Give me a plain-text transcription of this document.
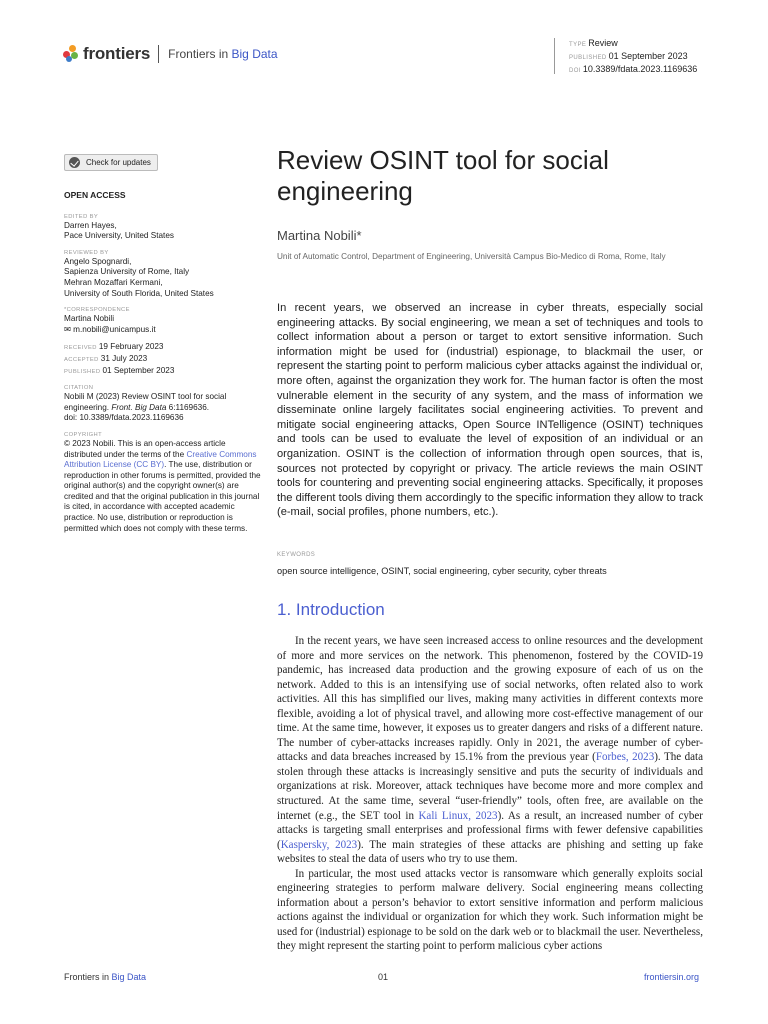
frontiers Frontiers in Big Data
TYPE Review
PUBLISHED 01 September 2023
DOI 10.3389/fdata.2023.1169636
Check for updates
OPEN ACCESS
EDITED BY
Darren Hayes,
Pace University, United States
REVIEWED BY
Angelo Spognardi,
Sapienza University of Rome, Italy
Mehran Mozaffari Kermani,
University of South Florida, United States
*CORRESPONDENCE
Martina Nobili
✉ m.nobili@unicampus.it
RECEIVED 19 February 2023
ACCEPTED 31 July 2023
PUBLISHED 01 September 2023
CITATION
Nobili M (2023) Review OSINT tool for social
engineering. Front. Big Data 6:1169636.
doi: 10.3389/fdata.2023.1169636
COPYRIGHT
© 2023 Nobili. This is an open-access article distributed under the terms of the Creative Commons Attribution License (CC BY). The use, distribution or reproduction in other forums is permitted, provided the original author(s) and the copyright owner(s) are credited and that the original publication in this journal is cited, in accordance with accepted academic practice. No use, distribution or reproduction is permitted which does not comply with these terms.
Review OSINT tool for social engineering
Martina Nobili*
Unit of Automatic Control, Department of Engineering, Università Campus Bio-Medico di Roma, Rome, Italy
In recent years, we observed an increase in cyber threats, especially social engineering attacks. By social engineering, we mean a set of techniques and tools to collect information about a person or target to extort sensitive information. Such information might be used for (industrial) espionage, to blackmail the user, or represent the starting point to perform malicious cyber attacks against the individual or, more often, against the organization they work for. The human factor is often the most vulnerable element in the security of any system, and the mass of information we disseminate online largely facilitates social engineering activities. To prevent and mitigate social engineering attacks, Open Source INTelligence (OSINT) techniques and tools can be used to evaluate the level of exposition of an individual or an organization. OSINT is the collection of information through open sources, that is, sources not protected by copyright or privacy. The article reviews the main OSINT tools for countering and preventing social engineering attacks. Specifically, it proposes the different tools diving them accordingly to the specific information they allow to track (e-mail, social profiles, phone numbers, etc.).
KEYWORDS
open source intelligence, OSINT, social engineering, cyber security, cyber threats
1. Introduction

In the recent years, we have seen increased access to online resources and the development of more and more services on the network. This phenomenon, fostered by the COVID-19 pandemic, has increased data production and the growing exposure of each of us on the network. Added to this is an intensifying use of social networks, often related also to work activities. All this has simplified our lives, making many activities in different contexts more flexible, avoiding a lot of physical travel, and allowing more cost-effective management of our time. At the same time, however, it exposes us to greater dangers and risks of a different nature. The number of cyber-attacks increases rapidly. Only in 2021, the average number of cyber-attacks and data breaches increased by 15.1% from the previous year (Forbes, 2023). The data stolen through these attacks is increasingly sensitive and puts the security of individuals and organizations at risk. Moreover, attack techniques have become more and more complex and structured. At the same time, several “user-friendly” tools, often free, are available on the internet (e.g., the SET tool in Kali Linux, 2023). As a result, an increased number of cyber attacks is targeting small enterprises and professional firms with fewer defensive capabilities (Kaspersky, 2023). The main strategies of these attacks are phishing and setting up fake websites to steal the data of users who try to use them.

In particular, the most used attacks vector is ransomware which generally exploits social engineering strategies to perform malware delivery. Social engineering means collecting information about a person’s behavior to extort sensitive information and perform malicious actions against the individual or organization for which they work. Such information might be used for (industrial) espionage to be sold on the dark web or to blackmail the user. Nevertheless, they might represent the starting point to perform malicious cyber actions

Frontiers in Big Data	01	frontiersin.org
